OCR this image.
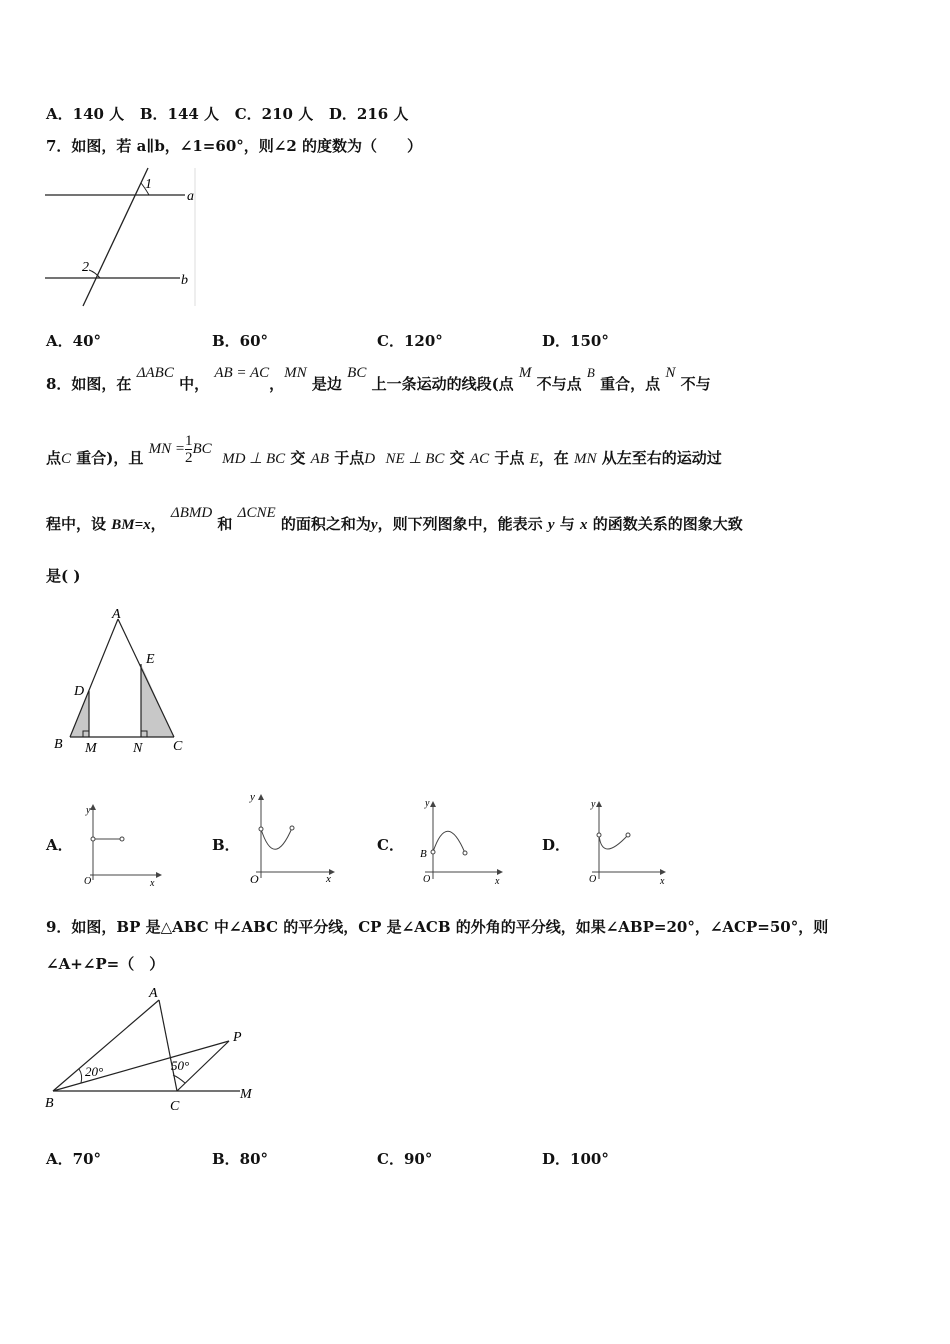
A．140 人 B．144 人 C．210 人 D．216 人
7．如图，若 a∥b，∠1=60°，则∠2 的度数为（　　）
1
2
a
b
A．40°	B．60°	C．120°	D．150°
8．如图，在 ΔABC 中， AB = AC，MN 是边 BC 上一条运动的线段(点 M 不与点 B 重合，点 N 不与
点C 重合)，且 MN = $\frac{1}{2}$ BC  MD ⊥ BC 交 AB 于点D NE ⊥ BC 交 AC 于点 E，在 MN 从左至右的运动过
程中，设 BM=x， ΔBMD 和 ΔCNE 的面积之和为y，则下列图象中，能表示 y 与 x 的函数关系的图象大致
是( )
A
B	C
D
E
M	N
A．
y
x
O
B．
y
x
O
C．
y
B
x
O
D．
y
x
O
9．如图，BP 是△ABC 中∠ABC 的平分线，CP 是∠ACB 的外角的平分线，如果∠ABP=20°，∠ACP=50°，则
∠A+∠P=（　）
A
B	C
P
M
20°	50°
A．70°	B．80°	C．90°	D．100°
